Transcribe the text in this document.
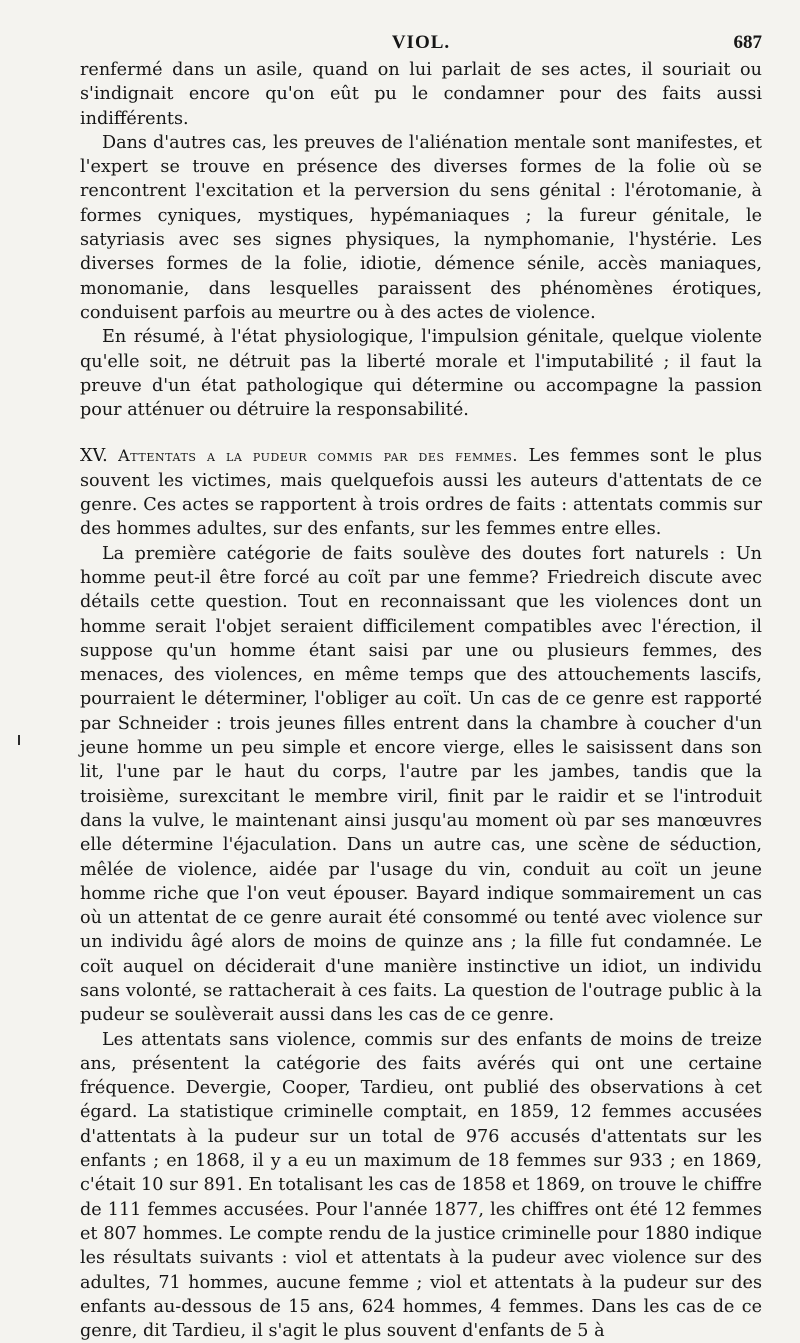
VIOL.	687

renfermé dans un asile, quand on lui parlait de ses actes, il souriait ou s'indignait encore qu'on eût pu le condamner pour des faits aussi indifférents.

Dans d'autres cas, les preuves de l'aliénation mentale sont manifestes, et l'expert se trouve en présence des diverses formes de la folie où se rencontrent l'excitation et la perversion du sens génital : l'érotomanie, à formes cyniques, mystiques, hypémaniaques ; la fureur génitale, le satyriasis avec ses signes physiques, la nymphomanie, l'hystérie. Les diverses formes de la folie, idiotie, démence sénile, accès maniaques, monomanie, dans lesquelles paraissent des phénomènes érotiques, conduisent parfois au meurtre ou à des actes de violence.

En résumé, à l'état physiologique, l'impulsion génitale, quelque violente qu'elle soit, ne détruit pas la liberté morale et l'imputabilité ; il faut la preuve d'un état pathologique qui détermine ou accompagne la passion pour atténuer ou détruire la responsabilité.

XV. Attentats a la pudeur commis par des femmes. Les femmes sont le plus souvent les victimes, mais quelquefois aussi les auteurs d'attentats de ce genre. Ces actes se rapportent à trois ordres de faits : attentats commis sur des hommes adultes, sur des enfants, sur les femmes entre elles.

La première catégorie de faits soulève des doutes fort naturels : Un homme peut-il être forcé au coït par une femme? Friedreich discute avec détails cette question. Tout en reconnaissant que les violences dont un homme serait l'objet seraient difficilement compatibles avec l'érection, il suppose qu'un homme étant saisi par une ou plusieurs femmes, des menaces, des violences, en même temps que des attouchements lascifs, pourraient le déterminer, l'obliger au coït. Un cas de ce genre est rapporté par Schneider : trois jeunes filles entrent dans la chambre à coucher d'un jeune homme un peu simple et encore vierge, elles le saisissent dans son lit, l'une par le haut du corps, l'autre par les jambes, tandis que la troisième, surexcitant le membre viril, finit par le raidir et se l'introduit dans la vulve, le maintenant ainsi jusqu'au moment où par ses manœuvres elle détermine l'éjaculation. Dans un autre cas, une scène de séduction, mêlée de violence, aidée par l'usage du vin, conduit au coït un jeune homme riche que l'on veut épouser. Bayard indique sommairement un cas où un attentat de ce genre aurait été consommé ou tenté avec violence sur un individu âgé alors de moins de quinze ans ; la fille fut condamnée. Le coït auquel on déciderait d'une manière instinctive un idiot, un individu sans volonté, se rattacherait à ces faits. La question de l'outrage public à la pudeur se soulèverait aussi dans les cas de ce genre.

Les attentats sans violence, commis sur des enfants de moins de treize ans, présentent la catégorie des faits avérés qui ont une certaine fréquence. Devergie, Cooper, Tardieu, ont publié des observations à cet égard. La statistique criminelle comptait, en 1859, 12 femmes accusées d'attentats à la pudeur sur un total de 976 accusés d'attentats sur les enfants ; en 1868, il y a eu un maximum de 18 femmes sur 933 ; en 1869, c'était 10 sur 891. En totalisant les cas de 1858 et 1869, on trouve le chiffre de 111 femmes accusées. Pour l'année 1877, les chiffres ont été 12 femmes et 807 hommes. Le compte rendu de la justice criminelle pour 1880 indique les résultats suivants : viol et attentats à la pudeur avec violence sur des adultes, 71 hommes, aucune femme ; viol et attentats à la pudeur sur des enfants au-dessous de 15 ans, 624 hommes, 4 femmes. Dans les cas de ce genre, dit Tardieu, il s'agit le plus souvent d'enfants de 5 à
